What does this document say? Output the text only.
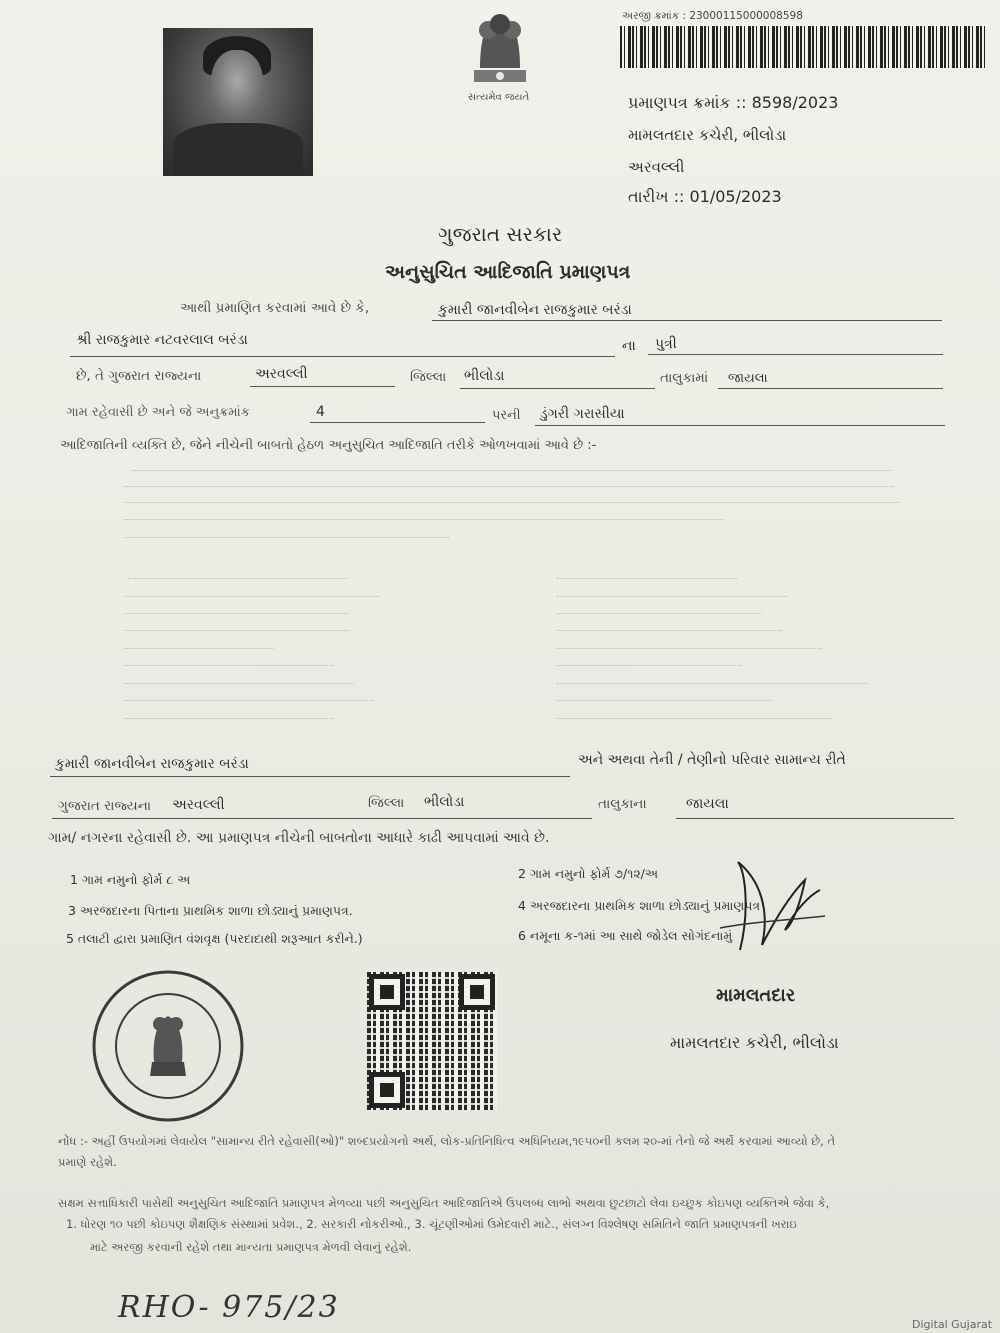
સત્યમેવ જયતે
અરજી ક્રમાંક : 23000115000008598
પ્રમાણપત્ર ક્રમાંક :: 8598/2023
મામલતદાર કચેરી, ભીલોડા
અરવલ્લી
તારીખ :: 01/05/2023
ગુજરાત સરકાર
અનુસુચિત આદિજાતિ પ્રમાણપત્ર
આથી પ્રમાણિત કરવામાં આવે છે કે,	કુમારી જાનવીબેન રાજકુમાર બરંડા
શ્રી રાજકુમાર નટવરલાલ બરંડા	ના પુત્રી
છે, તે ગુજરાત રાજ્યના	અરવલ્લી	જિલ્લા ભીલોડા	તાલુકામાં જાયલા
ગામ રહેવાસી છે અને જે અનુક્રમાંક	4	પરની ડુંગરી ગરાસીયા
આદિજાતિની વ્યક્તિ છે, જેને નીચેની બાબતો હેઠળ અનુસુચિત આદિજાતિ તરીકે ઓળખવામાં આવે છે :-
કુમારી જાનવીબેન રાજકુમાર બરંડા	અને અથવા તેની / તેણીનો પરિવાર સામાન્ય રીતે
ગુજરાત રાજ્યના અરવલ્લી	જિલ્લા ભીલોડા	તાલુકાના	જાયલા
ગામ/ નગરના રહેવાસી છે. આ પ્રમાણપત્ર નીચેની બાબતોના આધારે કાઢી આપવામાં આવે છે.
1 ગામ નમુનો ફોર્મ ૮ અ	2 ગામ નમુનો ફોર્મ ૭/૧૨/અ
3 અરજદારના પિતાના પ્રાથમિક શાળા છોડ્યાનું પ્રમાણપત્ર.	4 અરજદારના પ્રાથમિક શાળા છોડ્યાનું પ્રમાણપત્ર
5 તલાટી દ્વારા પ્રમાણિત વંશવૃક્ષ (પરદાદાથી શરૂઆત કરીને.)	6 નમૂના ક-૧માં આ સાથે જોડેલ સોગંદનામું
મામલતદાર
મામલતદાર કચેરી, ભીલોડા
નોંધ :- અહીં ઉપયોગમાં લેવાયેલ "સામાન્ય રીતે રહેવાસી(ઓ)" શબ્દપ્રયોગનો અર્થ, લોક-પ્રતિનિધિત્વ અધિનિયમ,૧૯૫૦ની કલમ ૨૦-માં તેનો જે અર્થે કરવામાં આવ્યો છે, તે
પ્રમાણે રહેશે.
સક્ષમ સત્તાધિકારી પાસેથી અનુસુચિત આદિજાતિ પ્રમાણપત્ર મેળવ્યા પછી અનુસુચિત આદિજાતિએ ઉપલબ્ધ લાભો અથવા છુટછાટો લેવા ઇચ્છુક કોઇપણ વ્યક્તિએ જેવા કે,
1. ધોરણ ૧૦ પછી કોઇપણ શૈક્ષણિક સંસ્થામાં પ્રવેશ., 2. સરકારી નોકરીઓ., 3. ચૂંટણીઓમાં ઉમેદવારી માટે., સંલગ્ન વિશ્લેષણ સમિતિને જાતિ પ્રમાણપત્રની ખરાઇ
માટે અરજી કરવાની રહેશે તથા માન્યતા પ્રમાણપત્ર મેળવી લેવાનું રહેશે.
RHO- 975/23	Digital Gujarat
